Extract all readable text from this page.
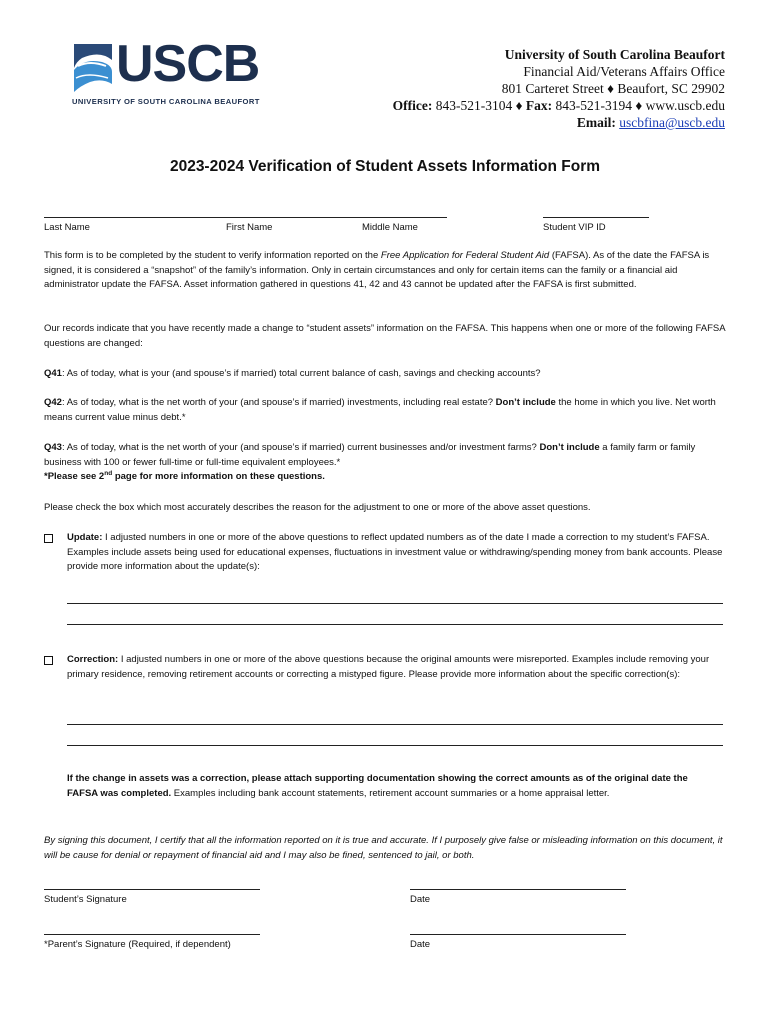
USCB
UNIVERSITY OF SOUTH CAROLINA BEAUFORT
University of South Carolina Beaufort
Financial Aid/Veterans Affairs Office
801 Carteret Street ♦ Beaufort, SC 29902
Office: 843-521-3104 ♦ Fax: 843-521-3194 ♦ www.uscb.edu
Email: uscbfina@uscb.edu
2023-2024 Verification of Student Assets Information Form
Last Name	First Name	Middle Name	Student VIP ID
This form is to be completed by the student to verify information reported on the Free Application for Federal Student Aid (FAFSA). As of the date the FAFSA is signed, it is considered a “snapshot” of the family’s information. Only in certain circumstances and only for certain items can the family or a financial aid administrator update the FAFSA. Asset information gathered in questions 41, 42 and 43 cannot be updated after the FAFSA is first submitted.
Our records indicate that you have recently made a change to “student assets” information on the FAFSA. This happens when one or more of the following FAFSA questions are changed:
Q41: As of today, what is your (and spouse’s if married) total current balance of cash, savings and checking accounts?
Q42: As of today, what is the net worth of your (and spouse’s if married) investments, including real estate? Don’t include the home in which you live. Net worth means current value minus debt.*
Q43: As of today, what is the net worth of your (and spouse’s if married) current businesses and/or investment farms? Don’t include a family farm or family business with 100 or fewer full-time or full-time equivalent employees.*
*Please see 2nd page for more information on these questions.
Please check the box which most accurately describes the reason for the adjustment to one or more of the above asset questions.
Update: I adjusted numbers in one or more of the above questions to reflect updated numbers as of the date I made a correction to my student’s FAFSA. Examples include assets being used for educational expenses, fluctuations in investment value or withdrawing/spending money from bank accounts. Please provide more information about the update(s):
Correction: I adjusted numbers in one or more of the above questions because the original amounts were misreported. Examples include removing your primary residence, removing retirement accounts or correcting a mistyped figure. Please provide more information about the specific correction(s):
If the change in assets was a correction, please attach supporting documentation showing the correct amounts as of the original date the FAFSA was completed. Examples including bank account statements, retirement account summaries or a home appraisal letter.
By signing this document, I certify that all the information reported on it is true and accurate. If I purposely give false or misleading information on this document, it will be cause for denial or repayment of financial aid and I may also be fined, sentenced to jail, or both.
Student’s Signature	Date
*Parent’s Signature (Required, if dependent)	Date
